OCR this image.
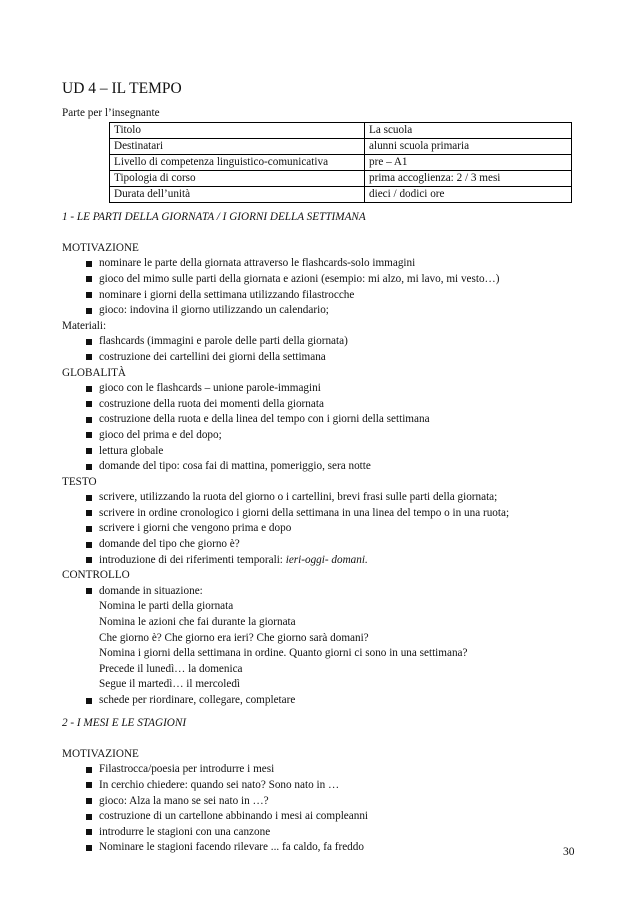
UD 4 – IL TEMPO
Parte per l’insegnante
Titolo	La scuola
Destinatari	alunni scuola primaria
Livello di competenza linguistico-comunicativa	pre – A1
Tipologia di corso	prima accoglienza: 2 / 3 mesi
Durata dell’unità	dieci / dodici ore
1 - LE PARTI DELLA GIORNATA / I GIORNI DELLA SETTIMANA
MOTIVAZIONE
nominare le parte della giornata attraverso le flashcards-solo immagini
gioco del mimo sulle parti della giornata e azioni (esempio: mi alzo, mi lavo, mi vesto…)
nominare i giorni della settimana utilizzando filastrocche
gioco: indovina il giorno utilizzando un calendario;
Materiali:
flashcards (immagini e parole delle parti della giornata)
costruzione dei cartellini dei giorni della settimana
GLOBALITÀ
gioco con le flashcards – unione parole-immagini
costruzione della ruota dei momenti della giornata
costruzione della ruota e della linea del tempo con i giorni della settimana
gioco del prima e del dopo;
lettura globale
domande del tipo: cosa fai di mattina, pomeriggio, sera notte
TESTO
scrivere, utilizzando la ruota del giorno o i cartellini, brevi frasi sulle parti della giornata;
scrivere in ordine cronologico i giorni della settimana in una linea del tempo o in una ruota;
scrivere i giorni che vengono prima e dopo
domande del tipo che giorno è?
introduzione di dei riferimenti temporali: ieri-oggi- domani.
CONTROLLO
domande in situazione:
Nomina le parti della giornata
Nomina le azioni che fai durante la giornata
Che giorno è? Che giorno era ieri? Che giorno sarà domani?
Nomina i giorni della settimana in ordine. Quanto giorni ci sono in una settimana?
Precede il lunedì… la domenica
Segue il martedì… il mercoledì
schede per riordinare, collegare, completare
2 - I MESI E LE STAGIONI
MOTIVAZIONE
Filastrocca/poesia per introdurre i mesi
In cerchio chiedere: quando sei nato? Sono nato in …
gioco: Alza la mano se sei nato in …?
costruzione di un cartellone abbinando i mesi ai compleanni
introdurre le stagioni con una canzone
Nominare le stagioni facendo rilevare ... fa caldo, fa freddo	30
